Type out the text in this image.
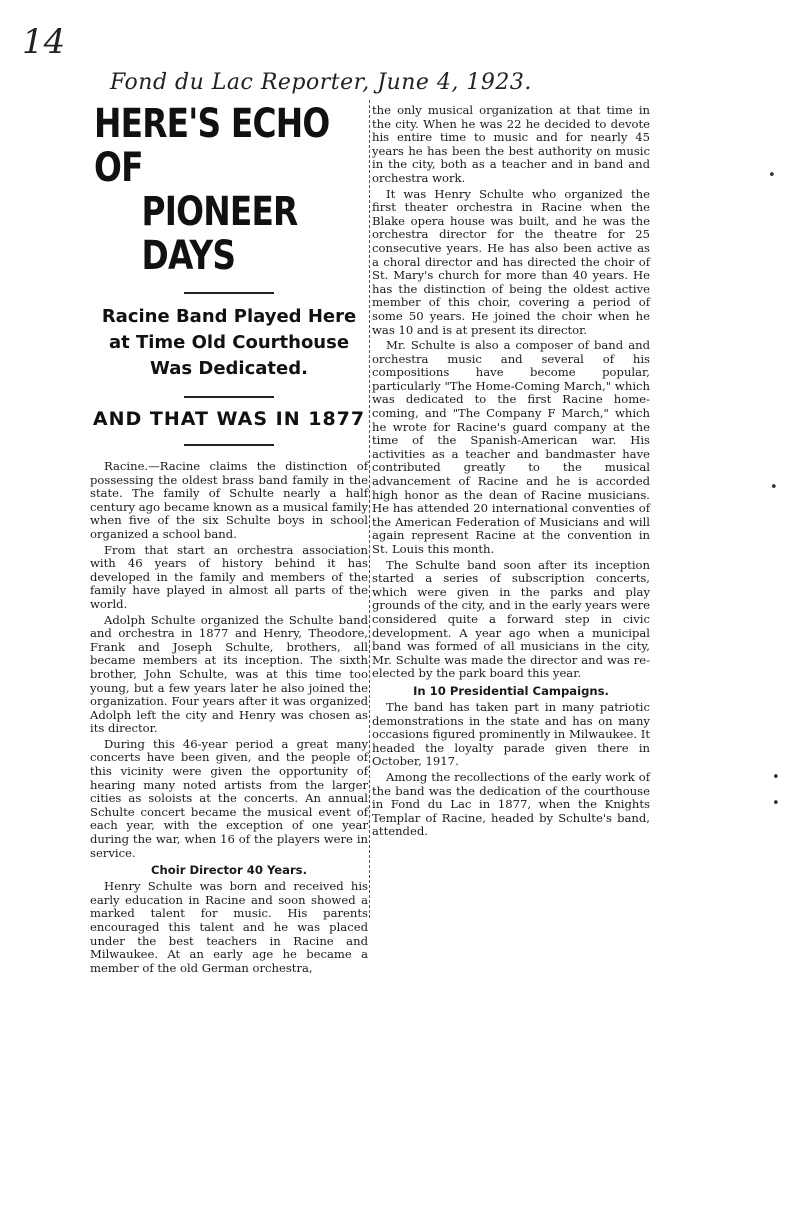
14
Fond du Lac Reporter, June 4, 1923.
HERE'S ECHO OF
PIONEER DAYS
Racine Band Played Here at Time Old Courthouse Was Dedicated.
AND THAT WAS IN 1877

Racine.—Racine claims the distinction of possessing the oldest brass band family in the state. The family of Schulte nearly a half century ago became known as a musical family when five of the six Schulte boys in school organized a school band.

From that start an orchestra association with 46 years of history behind it has developed in the family and members of the family have played in almost all parts of the world.

Adolph Schulte organized the Schulte band and orchestra in 1877 and Henry, Theodore, Frank and Joseph Schulte, brothers, all became members at its inception. The sixth brother, John Schulte, was at this time too young, but a few years later he also joined the organization. Four years after it was organized Adolph left the city and Henry was chosen as its director.

During this 46-year period a great many concerts have been given, and the people of this vicinity were given the opportunity of hearing many noted artists from the larger cities as soloists at the concerts. An annual Schulte concert became the musical event of each year, with the exception of one year during the war, when 16 of the players were in service.

Choir Director 40 Years.

Henry Schulte was born and received his early education in Racine and soon showed a marked talent for music. His parents encouraged this talent and he was placed under the best teachers in Racine and Milwaukee. At an early age he became a member of the old German orchestra,

the only musical organization at that time in the city. When he was 22 he decided to devote his entire time to music and for nearly 45 years he has been the best authority on music in the city, both as a teacher and in band and orchestra work.

It was Henry Schulte who organized the first theater orchestra in Racine when the Blake opera house was built, and he was the orchestra director for the theatre for 25 consecutive years. He has also been active as a choral director and has directed the choir of St. Mary's church for more than 40 years. He has the distinction of being the oldest active member of this choir, covering a period of some 50 years. He joined the choir when he was 10 and is at present its director.

Mr. Schulte is also a composer of band and orchestra music and several of his compositions have become popular, particularly "The Home-Coming March," which was dedicated to the first Racine home-coming, and "The Company F March," which he wrote for Racine's guard company at the time of the Spanish-American war. His activities as a teacher and bandmaster have contributed greatly to the musical advancement of Racine and he is accorded high honor as the dean of Racine musicians. He has attended 20 international conventies of the American Federation of Musicians and will again represent Racine at the convention in St. Louis this month.

The Schulte band soon after its inception started a series of subscription concerts, which were given in the parks and play grounds of the city, and in the early years were considered quite a forward step in civic development. A year ago when a municipal band was formed of all musicians in the city, Mr. Schulte was made the director and was re-elected by the park board this year.

In 10 Presidential Campaigns.

The band has taken part in many patriotic demonstrations in the state and has on many occasions figured prominently in Milwaukee. It headed the loyalty parade given there in October, 1917.

Among the recollections of the early work of the band was the dedication of the courthouse in Fond du Lac in 1877, when the Knights Templar of Racine, headed by Schulte's band, attended.

•
•
•
•
